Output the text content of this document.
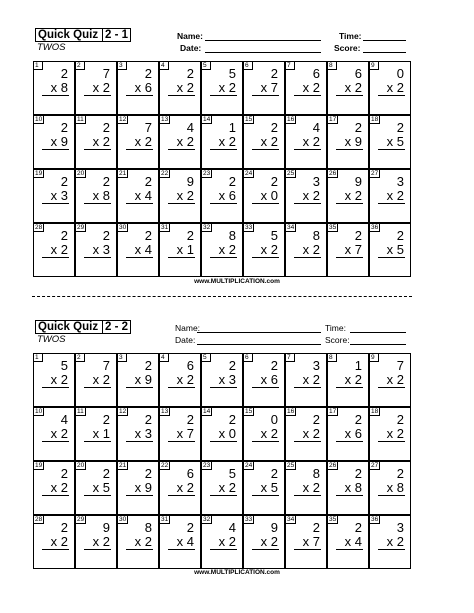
Quick Quiz 2 - 1
TWOS
Name:
Date:
Time:
Score:
1
2
x 8
2
7
x 2
3
2
x 6
4
2
x 2
5
5
x 2
6
2
x 7
7
6
x 2
8
6
x 2
9
0
x 2
10
2
x 9
11
2
x 2
12
7
x 2
13
4
x 2
14
1
x 2
15
2
x 2
16
4
x 2
17
2
x 9
18
2
x 5
19
2
x 3
20
2
x 8
21
2
x 4
22
9
x 2
23
2
x 6
24
2
x 0
25
3
x 2
26
9
x 2
27
3
x 2
28
2
x 2
29
2
x 3
30
2
x 4
31
2
x 1
32
8
x 2
33
5
x 2
34
8
x 2
35
2
x 7
36
2
x 5
www.MULTIPLICATION.com
Quick Quiz 2 - 2
TWOS
Name:
Date:
Time:
Score:
1
5
x 2
2
7
x 2
3
2
x 9
4
6
x 2
5
2
x 3
6
2
x 6
7
3
x 2
8
1
x 2
9
7
x 2
10
4
x 2
11
2
x 1
12
2
x 3
13
2
x 7
14
2
x 0
15
0
x 2
16
2
x 2
17
2
x 6
18
2
x 2
19
2
x 2
20
2
x 5
21
2
x 9
22
6
x 2
23
5
x 2
24
2
x 5
25
8
x 2
26
2
x 8
27
2
x 8
28
2
x 2
29
9
x 2
30
8
x 2
31
2
x 4
32
4
x 2
33
9
x 2
34
2
x 7
35
2
x 4
36
3
x 2
www.MULTIPLICATION.com
